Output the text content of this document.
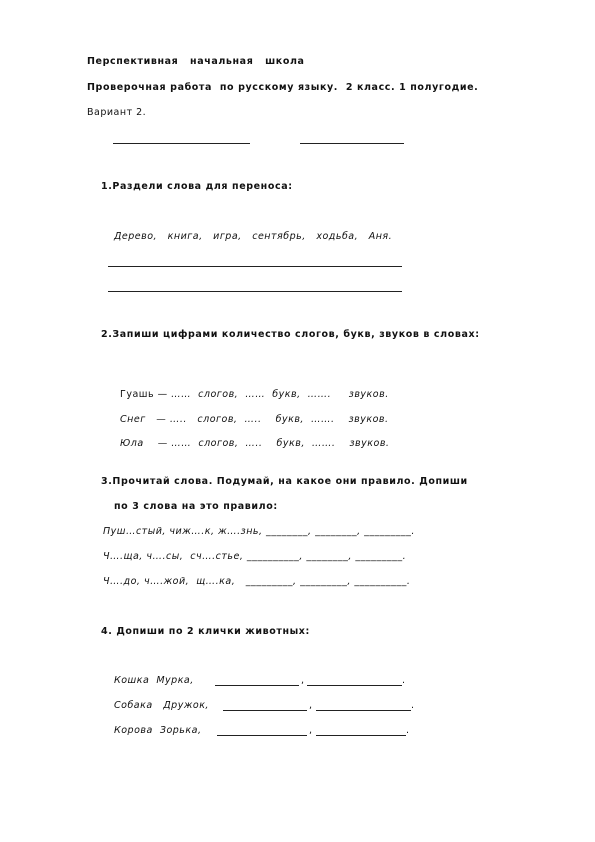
Перспективная   начальная   школа
Проверочная работа  по русскому языку.  2 класс. 1 полугодие.
Вариант 2.
1.Раздели слова для переноса:
Дерево,   книга,   игра,   сентябрь,   ходьба,   Аня.
2.Запиши цифрами количество слогов, букв, звуков в словах:

Гуашь — ……  слогов,  ……  букв,  …….     звуков.

Снег   — …..   слогов,  …..    букв,  …….    звуков.

Юла    — ……  слогов,  …..    букв,  …….    звуков.

3.Прочитай слова. Подумай, на какое они правило. Допиши
по 3 слова на это правило:
Пуш…стый, чиж….к, ж….знь, ________, ________, _________.
Ч….ща, ч….сы,  сч….стье, __________, ________, _________.
Ч….до, ч….жой,  щ….ка,   _________, _________, __________.
4. Допиши по 2 клички животных:
Кошка  Мурка,	,	.
Собака   Дружок,	,	.
Корова  Зорька,	,	.
